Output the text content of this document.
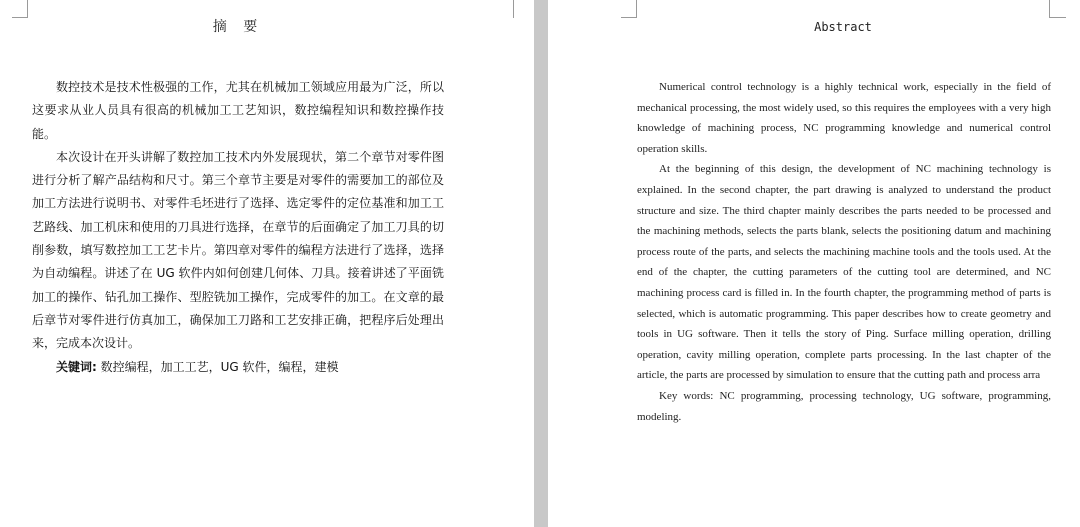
摘 要

数控技术是技术性极强的工作，尤其在机械加工领域应用最为广泛，所以这要求从业人员具有很高的机械加工工艺知识，数控编程知识和数控操作技能。

本次设计在开头讲解了数控加工技术内外发展现状，第二个章节对零件图进行分析了解产品结构和尺寸。第三个章节主要是对零件的需要加工的部位及加工方法进行说明书、对零件毛坯进行了选择、选定零件的定位基准和加工工艺路线、加工机床和使用的刀具进行选择，在章节的后面确定了加工刀具的切削参数，填写数控加工工艺卡片。第四章对零件的编程方法进行了选择，选择为自动编程。讲述了在 UG 软件内如何创建几何体、刀具。接着讲述了平面铣加工的操作、钻孔加工操作、型腔铣加工操作，完成零件的加工。在文章的最后章节对零件进行仿真加工，确保加工刀路和工艺安排正确，把程序后处理出来，完成本次设计。

关键词: 数控编程，加工工艺，UG 软件，编程，建模

Abstract

Numerical control technology is a highly technical work, especially in the field of mechanical processing, the most widely used, so this requires the employees with a very high knowledge of machining process, NC programming knowledge and numerical control operation skills.

At the beginning of this design, the development of NC machining technology is explained. In the second chapter, the part drawing is analyzed to understand the product structure and size. The third chapter mainly describes the parts needed to be processed and the machining methods, selects the parts blank, selects the positioning datum and machining process route of the parts, and selects the machining machine tools and the tools used. At the end of the chapter, the cutting parameters of the cutting tool are determined, and NC machining process card is filled in. In the fourth chapter, the programming method of parts is selected, which is automatic programming. This paper describes how to create geometry and tools in UG software. Then it tells the story of Ping. Surface milling operation, drilling operation, cavity milling operation, complete parts processing. In the last chapter of the article, the parts are processed by simulation to ensure that the cutting path and process arra

Key words: NC programming, processing technology, UG software, programming, modeling.
